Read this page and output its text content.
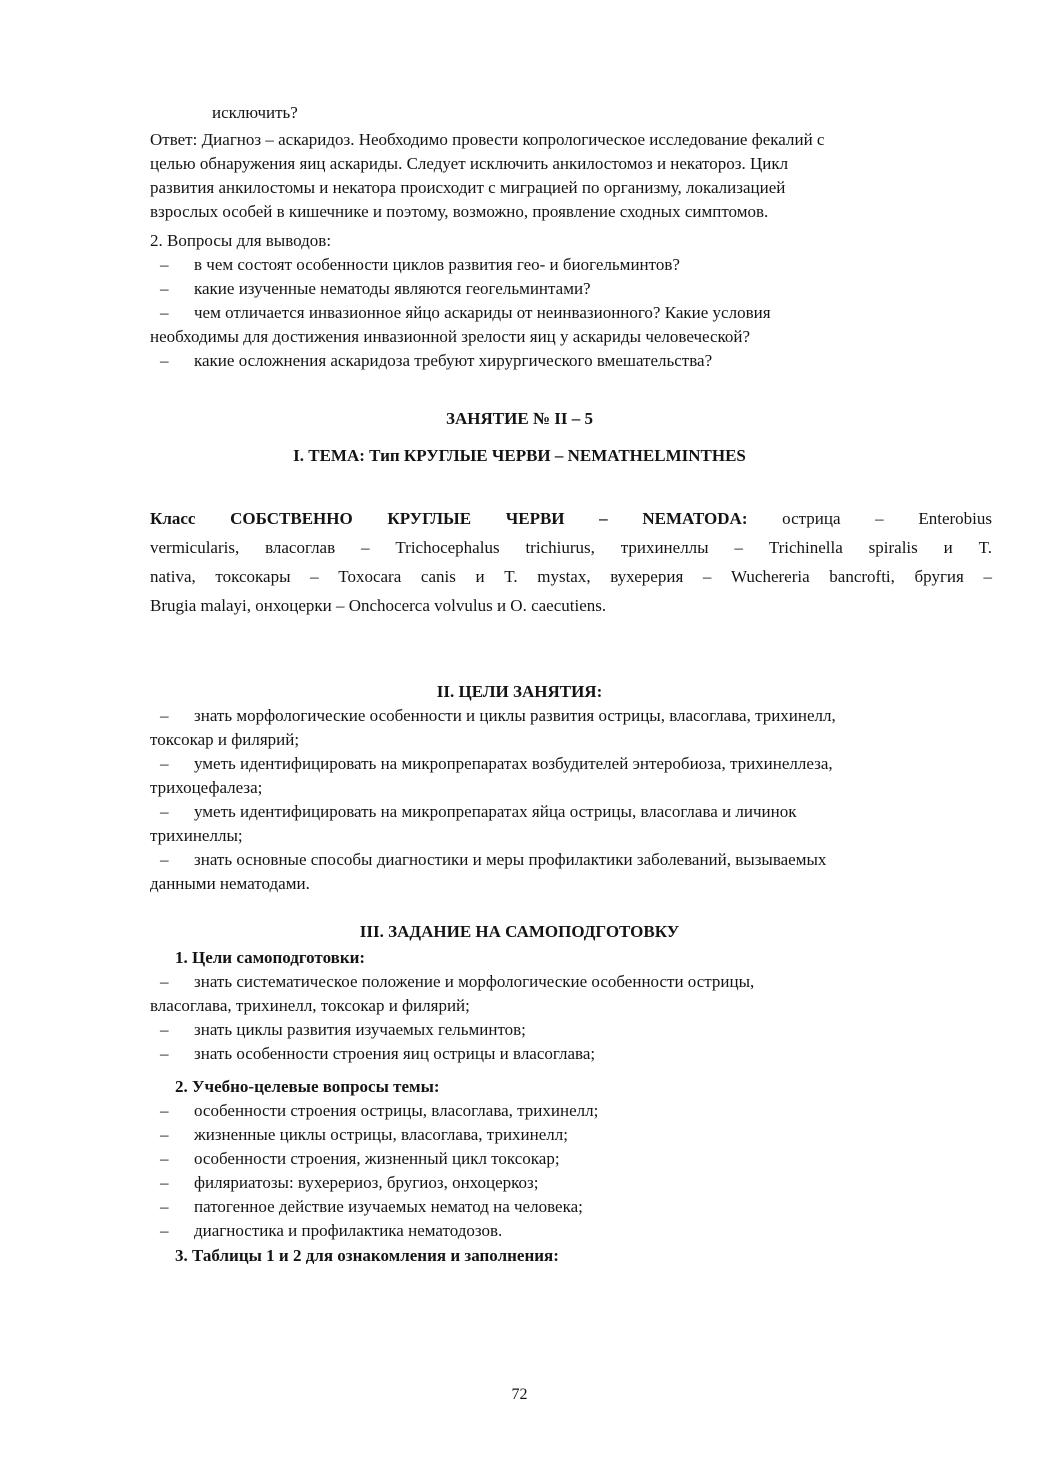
исключить?
Ответ: Диагноз – аскаридоз. Необходимо провести копрологическое исследование фекалий с
целью обнаружения яиц аскариды. Следует исключить анкилостомоз и некатороз. Цикл
развития анкилостомы и некатора происходит с миграцией по организму, локализацией
взрослых особей в кишечнике и поэтому, возможно, проявление сходных симптомов.
2. Вопросы для выводов:
– в чем состоят особенности циклов развития гео- и биогельминтов?
– какие изученные нематоды являются геогельминтами?
– чем отличается инвазионное яйцо аскариды от неинвазионного? Какие условия
необходимы для достижения инвазионной зрелости яиц у аскариды человеческой?
– какие осложнения аскаридоза требуют хирургического вмешательства?
ЗАНЯТИЕ № II – 5
I. ТЕМА: Тип КРУГЛЫЕ ЧЕРВИ – NEMATHELMINTHES
Класс СОБСТВЕННО КРУГЛЫЕ ЧЕРВИ – NEMATODA: острица – Enterobius
vermicularis, власоглав – Trichocephalus trichiurus, трихинеллы – Trichinella spiralis и T.
nativa, токсокары – Toxocara canis и T. mystax, вухерерия – Wuchereria bancrofti, бругия –
Brugia malayi, онхоцерки – Onchocerca volvulus и O. caecutiens.
II. ЦЕЛИ ЗАНЯТИЯ:
– знать морфологические особенности и циклы развития острицы, власоглава, трихинелл,
токсокар и филярий;
– уметь идентифицировать на микропрепаратах возбудителей энтеробиоза, трихинеллеза,
трихоцефалеза;
– уметь идентифицировать на микропрепаратах яйца острицы, власоглава и личинок
трихинеллы;
– знать основные способы диагностики и меры профилактики заболеваний, вызываемых
данными нематодами.
III. ЗАДАНИЕ НА САМОПОДГОТОВКУ
1. Цели самоподготовки:
– знать систематическое положение и морфологические особенности острицы,
власоглава, трихинелл, токсокар и филярий;
– знать циклы развития изучаемых гельминтов;
– знать особенности строения яиц острицы и власоглава;
2. Учебно-целевые вопросы темы:
– особенности строения острицы, власоглава, трихинелл;
– жизненные циклы острицы, власоглава, трихинелл;
– особенности строения, жизненный цикл токсокар;
– филяриатозы: вухерериоз, бругиоз, онхоцеркоз;
– патогенное действие изучаемых нематод на человека;
– диагностика и профилактика нематодозов.
3. Таблицы 1 и 2 для ознакомления и заполнения:
72
